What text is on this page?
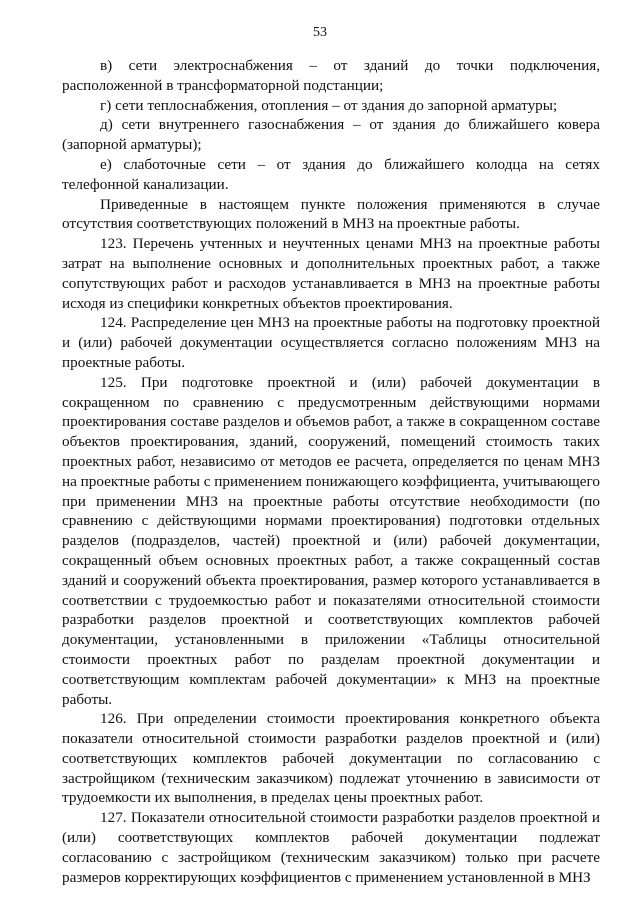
53

в) сети электроснабжения – от зданий до точки подключения, расположенной в трансформаторной подстанции;

г) сети теплоснабжения, отопления – от здания до запорной арматуры;

д) сети внутреннего газоснабжения – от здания до ближайшего ковера (запорной арматуры);

е) слаботочные сети – от здания до ближайшего колодца на сетях телефонной канализации.

Приведенные в настоящем пункте положения применяются в случае отсутствия соответствующих положений в МНЗ на проектные работы.

123. Перечень учтенных и неучтенных ценами МНЗ на проектные работы затрат на выполнение основных и дополнительных проектных работ, а также сопутствующих работ и расходов устанавливается в МНЗ на проектные работы исходя из специфики конкретных объектов проектирования.

124. Распределение цен МНЗ на проектные работы на подготовку проектной и (или) рабочей документации осуществляется согласно положениям МНЗ на проектные работы.

125. При подготовке проектной и (или) рабочей документации в сокращенном по сравнению с предусмотренным действующими нормами проектирования составе разделов и объемов работ, а также в сокращенном составе объектов проектирования, зданий, сооружений, помещений стоимость таких проектных работ, независимо от методов ее расчета, определяется по ценам МНЗ на проектные работы с применением понижающего коэффициента, учитывающего при применении МНЗ на проектные работы отсутствие необходимости (по сравнению с действующими нормами проектирования) подготовки отдельных разделов (подразделов, частей) проектной и (или) рабочей документации, сокращенный объем основных проектных работ, а также сокращенный состав зданий и сооружений объекта проектирования, размер которого устанавливается в соответствии с трудоемкостью работ и показателями относительной стоимости разработки разделов проектной и соответствующих комплектов рабочей документации, установленными в приложении «Таблицы относительной стоимости проектных работ по разделам проектной документации и соответствующим комплектам рабочей документации» к МНЗ на проектные работы.

126. При определении стоимости проектирования конкретного объекта показатели относительной стоимости разработки разделов проектной и (или) соответствующих комплектов рабочей документации по согласованию с застройщиком (техническим заказчиком) подлежат уточнению в зависимости от трудоемкости их выполнения, в пределах цены проектных работ.

127. Показатели относительной стоимости разработки разделов проектной и (или) соответствующих комплектов рабочей документации подлежат согласованию с застройщиком (техническим заказчиком) только при расчете размеров корректирующих коэффициентов с применением установленной в МНЗ
